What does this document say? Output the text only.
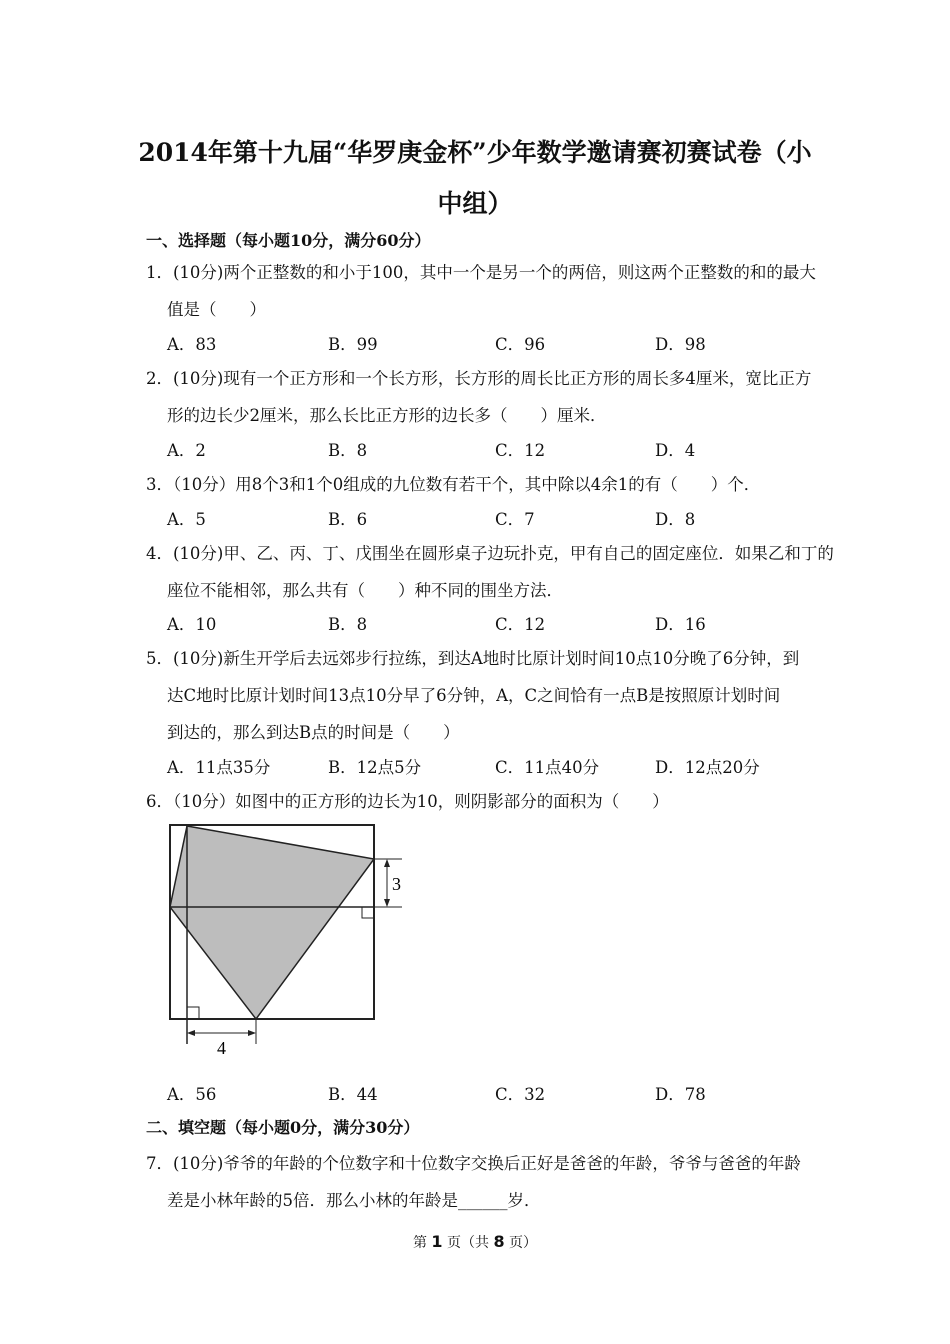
2014年第十九届“华罗庚金杯”少年数学邀请赛初赛试卷（小
中组）
一、选择题（每小题10分，满分60分）
1．(10分)两个正整数的和小于100，其中一个是另一个的两倍，则这两个正整数的和的最大
值是（　　）
A．83	B．99	C．96	D．98
2．(10分)现有一个正方形和一个长方形，长方形的周长比正方形的周长多4厘米，宽比正方
形的边长少2厘米，那么长比正方形的边长多（　　）厘米．
A．2	B．8	C．12	D．4
3．（10分）用8个3和1个0组成的九位数有若干个，其中除以4余1的有（　　）个．
A．5	B．6	C．7	D．8
4．(10分)甲、乙、丙、丁、戊围坐在圆形桌子边玩扑克，甲有自己的固定座位．如果乙和丁的
座位不能相邻，那么共有（　　）种不同的围坐方法．
A．10	B．8	C．12	D．16
5．(10分)新生开学后去远郊步行拉练，到达A地时比原计划时间10点10分晚了6分钟，到
达C地时比原计划时间13点10分早了6分钟，A，C之间恰有一点B是按照原计划时间
到达的，那么到达B点的时间是（　　）
A．11点35分	B．12点5分	C．11点40分	D．12点20分
6．（10分）如图中的正方形的边长为10，则阴影部分的面积为（　　）
3
4
A．56	B．44	C．32	D．78
二、填空题（每小题0分，满分30分）
7．(10分)爷爷的年龄的个位数字和十位数字交换后正好是爸爸的年龄，爷爷与爸爸的年龄
差是小林年龄的5倍．那么小林的年龄是______岁．
第 1 页（共 8 页）
